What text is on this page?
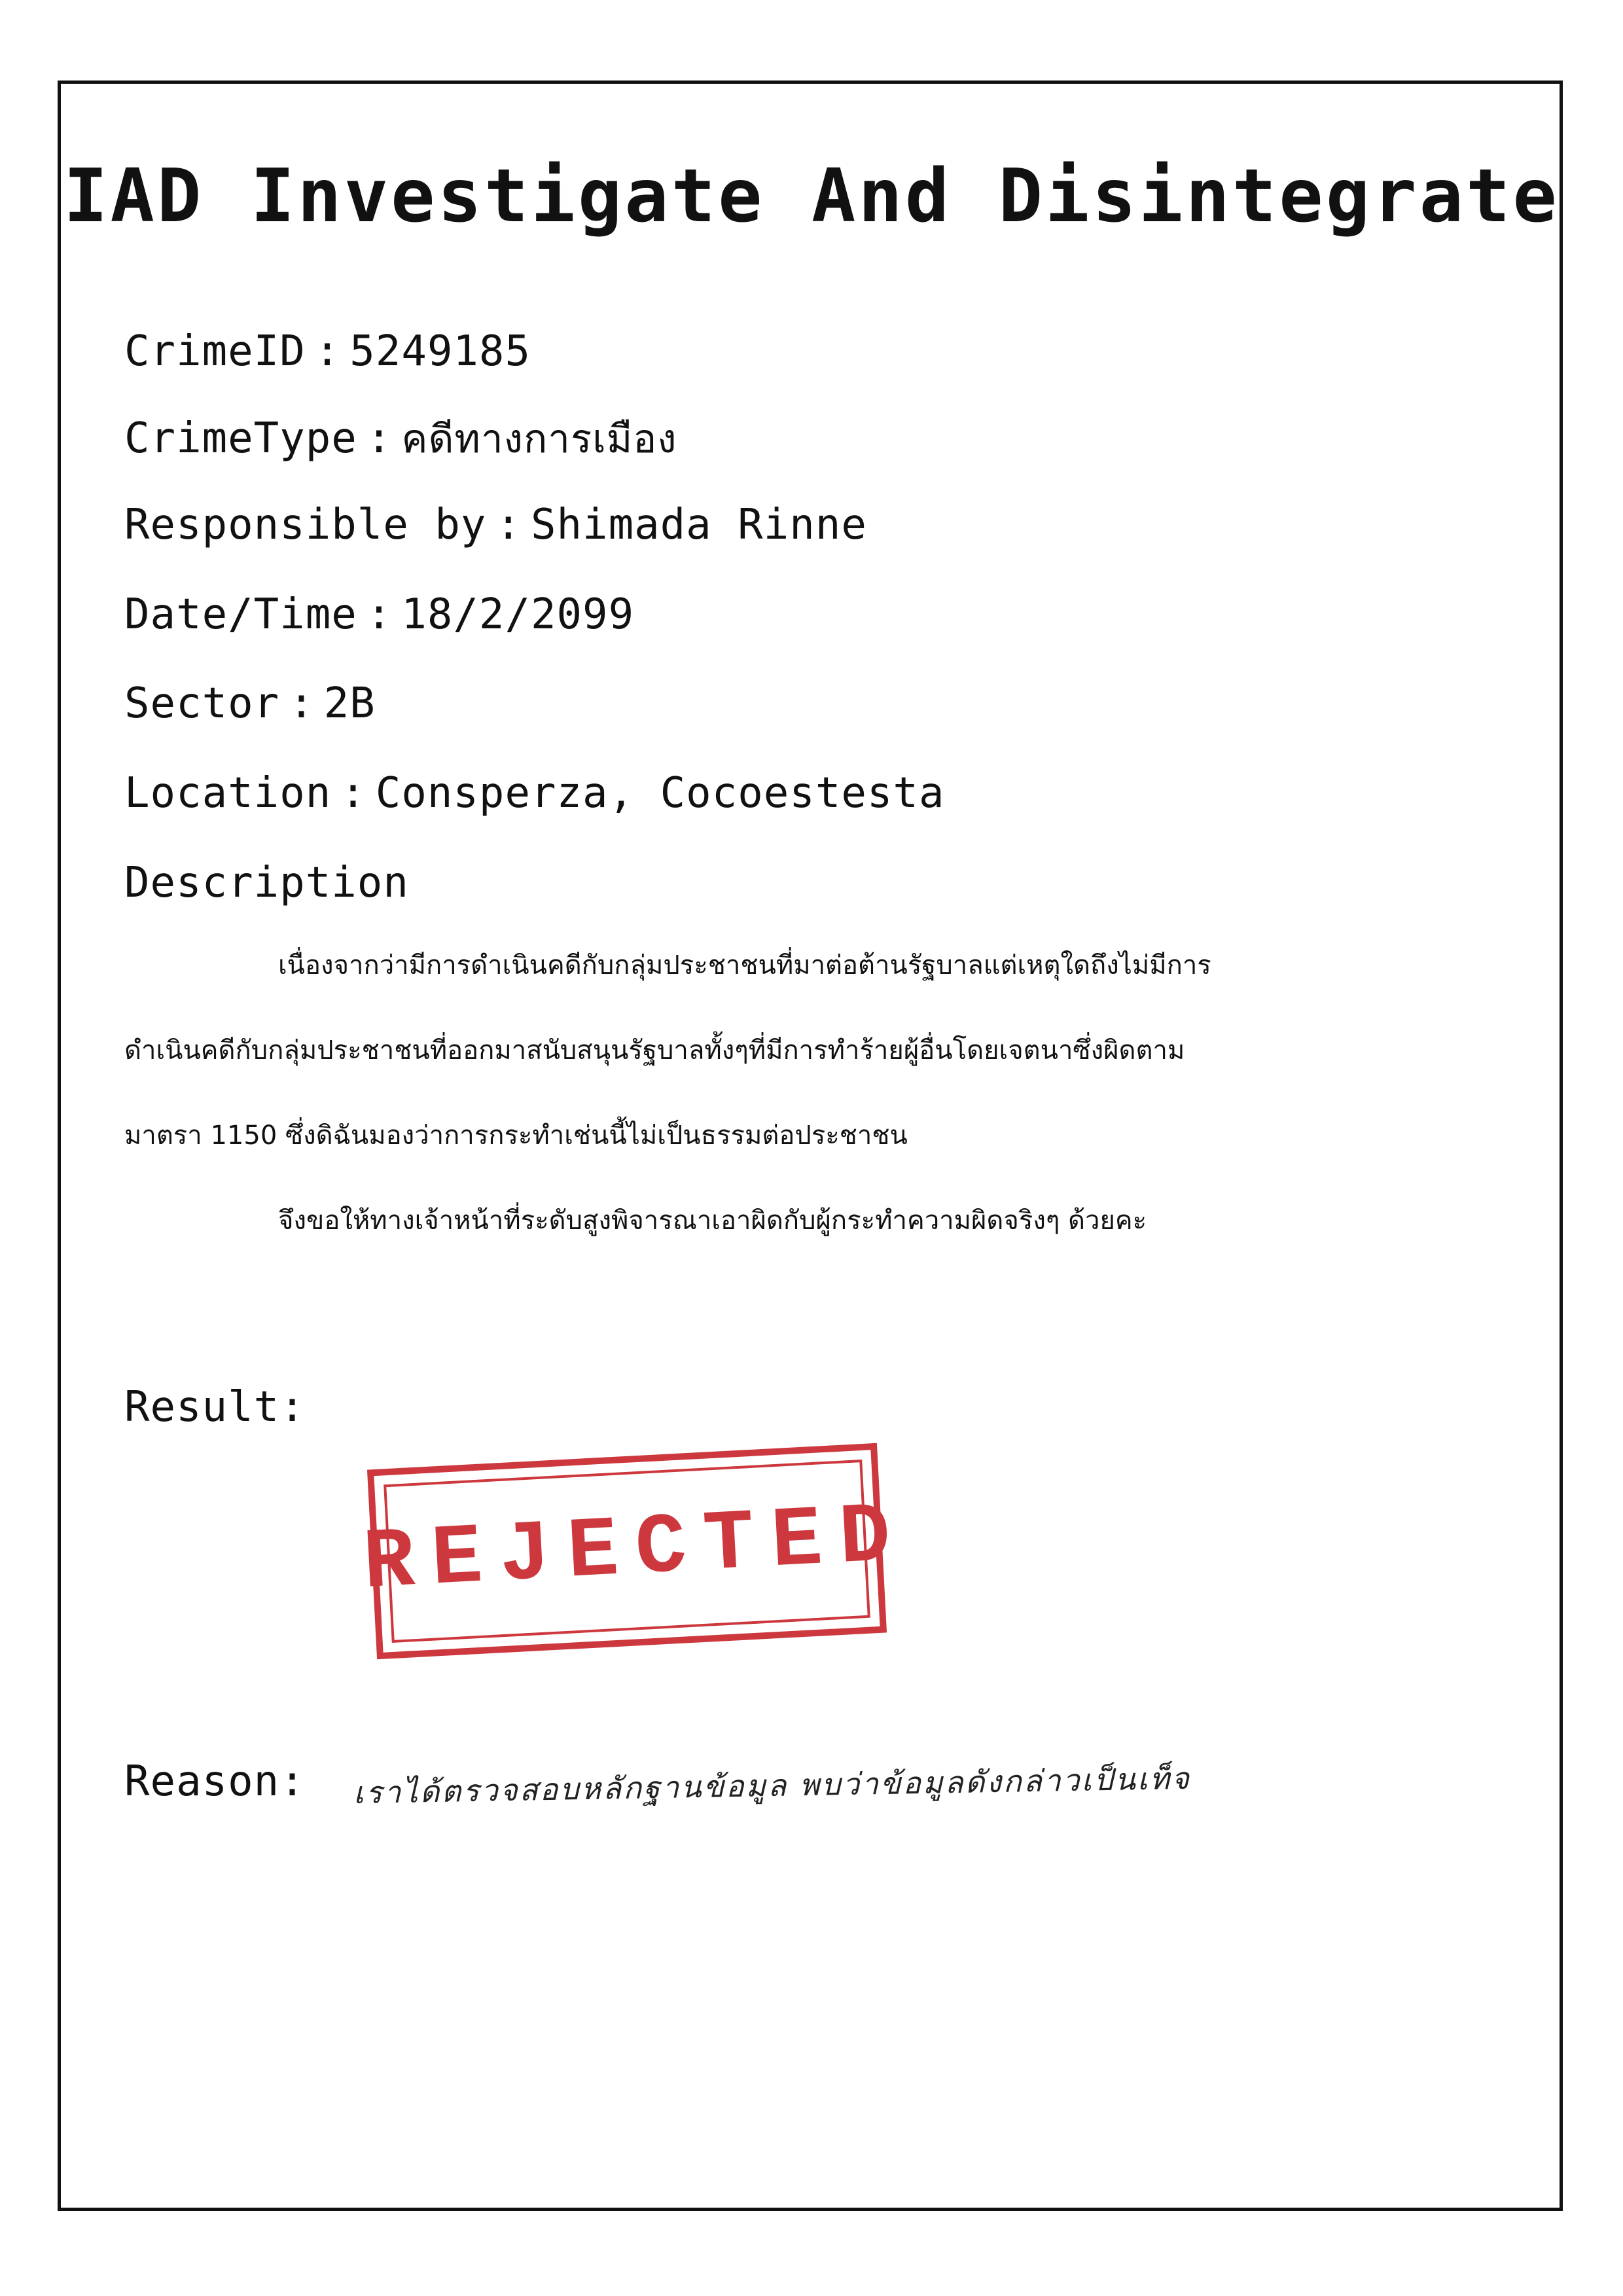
IAD Investigate And Disintegrate
CrimeID : 5249185
CrimeType : คดีทางการเมือง
Responsible by : Shimada Rinne
Date/Time : 18/2/2099
Sector : 2B
Location : Consperza, Cocoestesta
Description
เนื่องจากว่ามีการดำเนินคดีกับกลุ่มประชาชนที่มาต่อต้านรัฐบาลแต่เหตุใดถึงไม่มีการ
ดำเนินคดีกับกลุ่มประชาชนที่ออกมาสนับสนุนรัฐบาลทั้งๆที่มีการทำร้ายผู้อื่นโดยเจตนาซึ่งผิดตาม
มาตรา 1150 ซึ่งดิฉันมองว่าการกระทำเช่นนี้ไม่เป็นธรรมต่อประชาชน
จึงขอให้ทางเจ้าหน้าที่ระดับสูงพิจารณาเอาผิดกับผู้กระทำความผิดจริงๆ ด้วยคะ
Result:
REJECTED
Reason: เราได้ตรวจสอบหลักฐานข้อมูล พบว่าข้อมูลดังกล่าวเป็นเท็จ
